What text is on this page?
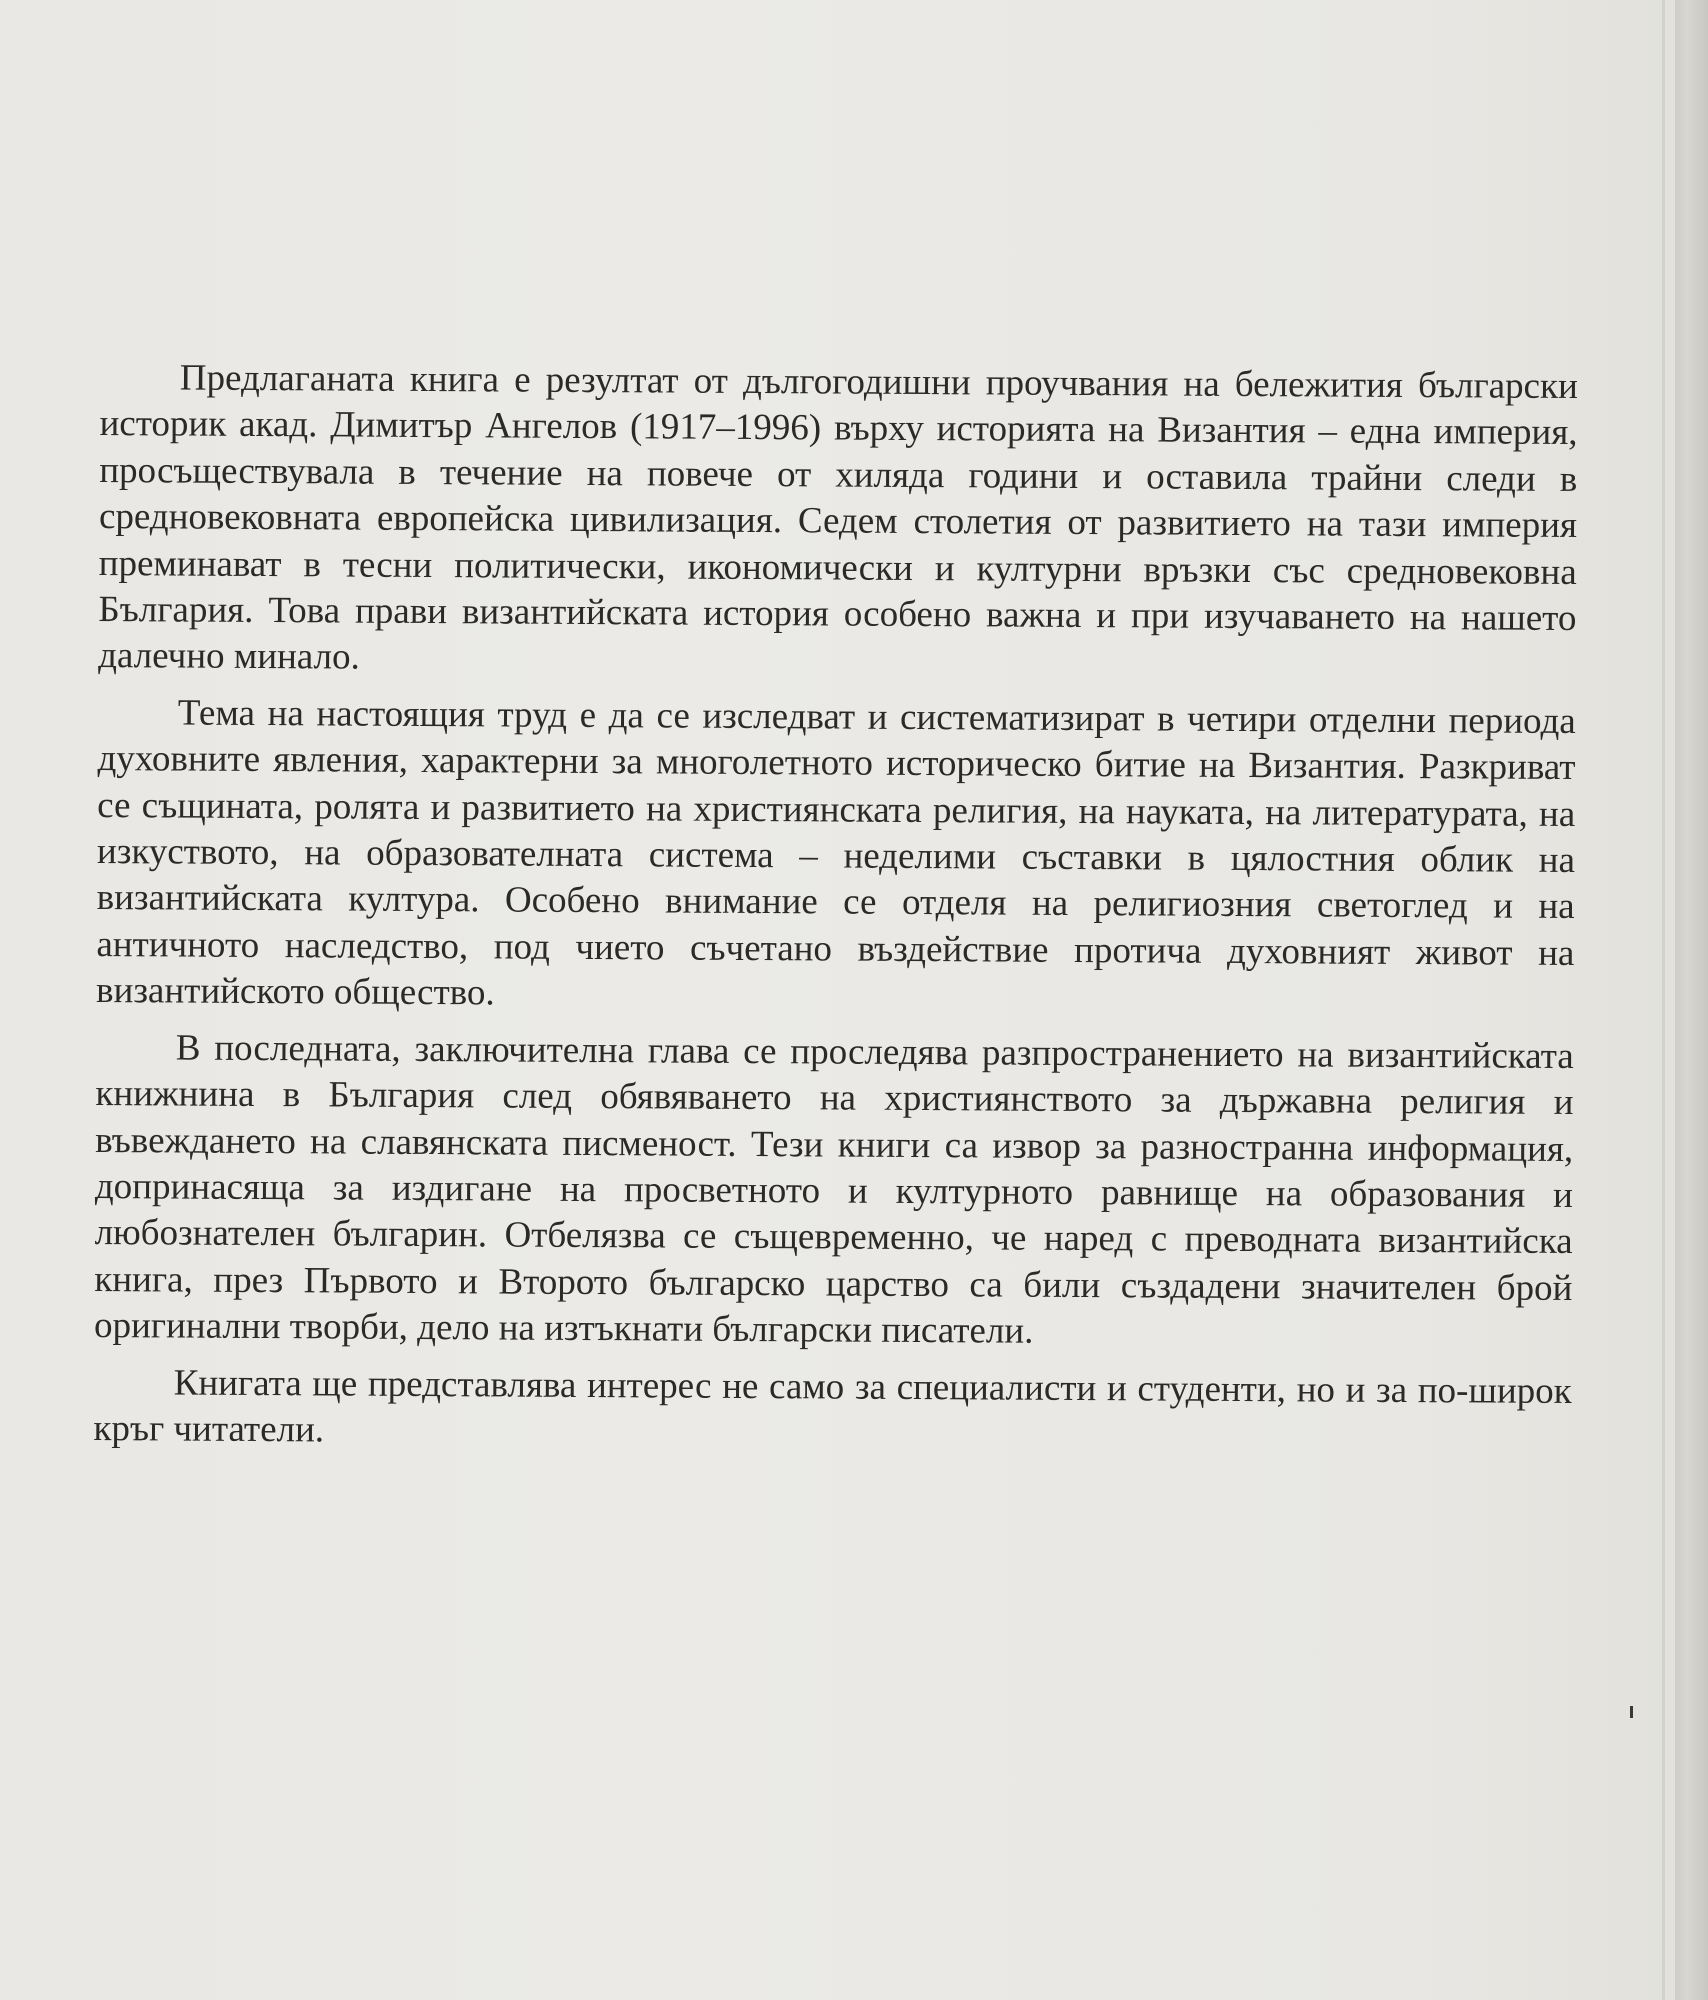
Предлаганата книга е резултат от дългогодишни проучвания на бележития български историк акад. Димитър Ангелов (1917–1996) върху историята на Византия – една империя, просъществувала в течение на повече от хиляда години и оставила трайни следи в средновековната европейска цивилизация. Седем столетия от развитието на тази империя преминават в тесни политически, икономически и културни връзки със средновековна България. Това прави византийската история особено важна и при изучаването на нашето далечно минало.

Тема на настоящия труд е да се изследват и систематизират в четири отделни периода духовните явления, характерни за многолетното историческо битие на Византия. Разкриват се същината, ролята и развитието на християнската религия, на науката, на литературата, на изкуството, на образователната система – неделими съставки в цялостния облик на византийската култура. Особено внимание се отделя на религиозния светоглед и на античното наследство, под чието съчетано въздействие протича духовният живот на византийското общество.

В последната, заключителна глава се проследява разпространението на византийската книжнина в България след обявяването на християнството за държавна религия и въвеждането на славянската писменост. Тези книги са извор за разностранна информация, допринасяща за издигане на просветното и културното равнище на образования и любознателен българин. Отбелязва се същевременно, че наред с преводната византийска книга, през Първото и Второто българско царство са били създадени значителен брой оригинални творби, дело на изтъкнати български писатели.

Книгата ще представлява интерес не само за специалисти и студенти, но и за по-широк кръг читатели.
